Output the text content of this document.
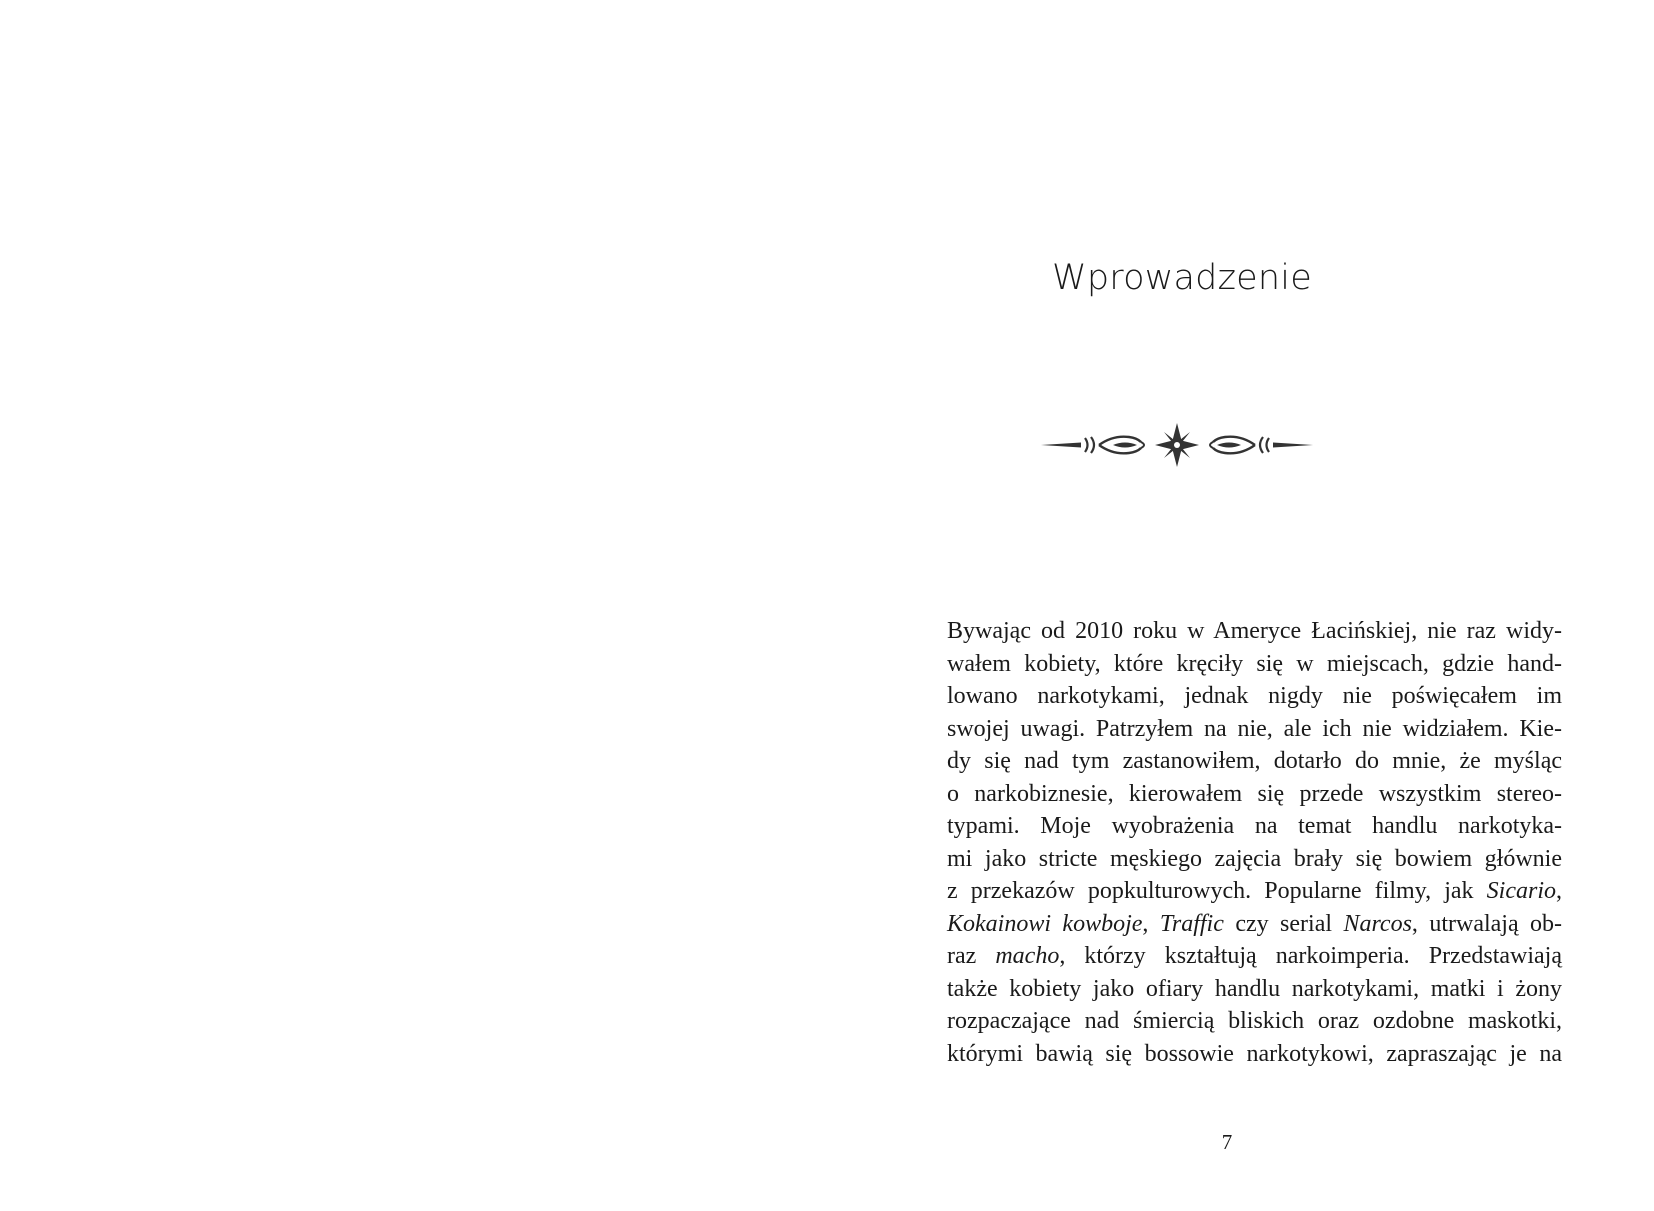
Wprowadzenie
Bywając od 2010 roku w Ameryce Łacińskiej, nie raz widy-
wałem kobiety, które kręciły się w miejscach, gdzie hand-
lowano narkotykami, jednak nigdy nie poświęcałem im
swojej uwagi. Patrzyłem na nie, ale ich nie widziałem. Kie-
dy się nad tym zastanowiłem, dotarło do mnie, że myśląc
o narkobiznesie, kierowałem się przede wszystkim stereo-
typami. Moje wyobrażenia na temat handlu narkotyka-
mi jako stricte męskiego zajęcia brały się bowiem głównie
z przekazów popkulturowych. Popularne filmy, jak Sicario,
Kokainowi kowboje, Traffic czy serial Narcos, utrwalają ob-
raz macho, którzy kształtują narkoimperia. Przedstawiają
także kobiety jako ofiary handlu narkotykami, matki i żony
rozpaczające nad śmiercią bliskich oraz ozdobne maskotki,
którymi bawią się bossowie narkotykowi, zapraszając je na
7
